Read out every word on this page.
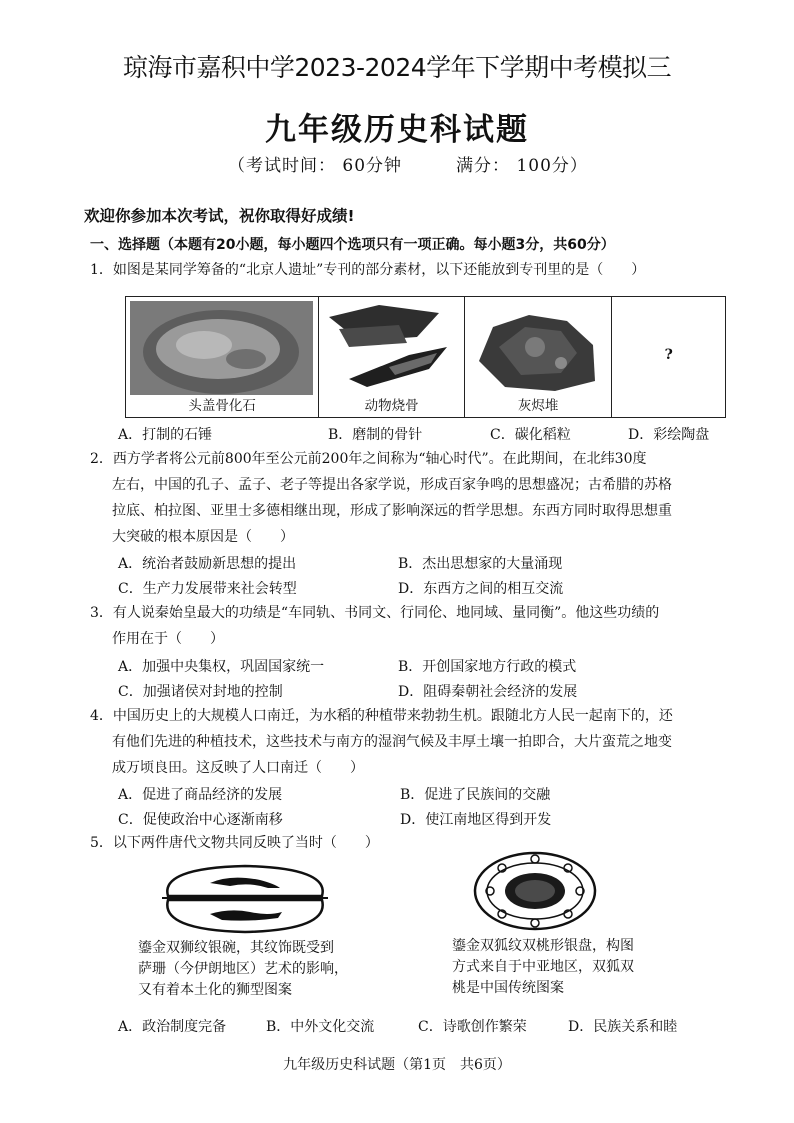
琼海市嘉积中学2023-2024学年下学期中考模拟三
九年级历史科试题
（考试时间： 60分钟　　　满分： 100分）
欢迎你参加本次考试，祝你取得好成绩!
一、选择题（本题有20小题，每小题四个选项只有一项正确。每小题3分，共60分）
1．如图是某同学筹备的“北京人遗址”专刊的部分素材，以下还能放到专刊里的是（　　）
头盖骨化石	动物烧骨	灰烬堆
?
A．打制的石锤	B．磨制的骨针	C．碳化稻粒	D．彩绘陶盘
2．西方学者将公元前800年至公元前200年之间称为“轴心时代”。在此期间，在北纬30度
左右，中国的孔子、孟子、老子等提出各家学说，形成百家争鸣的思想盛况；古希腊的苏格
拉底、柏拉图、亚里士多德相继出现，形成了影响深远的哲学思想。东西方同时取得思想重
大突破的根本原因是（　　）
A．统治者鼓励新思想的提出	B．杰出思想家的大量涌现
C．生产力发展带来社会转型	D．东西方之间的相互交流
3．有人说秦始皇最大的功绩是“车同轨、书同文、行同伦、地同域、量同衡”。他这些功绩的
作用在于（　　）
A．加强中央集权，巩固国家统一	B．开创国家地方行政的模式
C．加强诸侯对封地的控制	D．阻碍秦朝社会经济的发展
4．中国历史上的大规模人口南迁，为水稻的种植带来勃勃生机。跟随北方人民一起南下的，还
有他们先进的种植技术，这些技术与南方的湿润气候及丰厚土壤一拍即合，大片蛮荒之地变
成万顷良田。这反映了人口南迁（　　）
A．促进了商品经济的发展	B．促进了民族间的交融
C．促使政治中心逐渐南移	D．使江南地区得到开发
5．以下两件唐代文物共同反映了当时（　　）
鎏金双狮纹银碗，其纹饰既受到
萨珊（今伊朗地区）艺术的影响，
又有着本土化的狮型图案
鎏金双狐纹双桃形银盘，构图
方式来自于中亚地区，双狐双
桃是中国传统图案
A．政治制度完备	B．中外文化交流	C．诗歌创作繁荣	D．民族关系和睦
九年级历史科试题（第1页　共6页）
